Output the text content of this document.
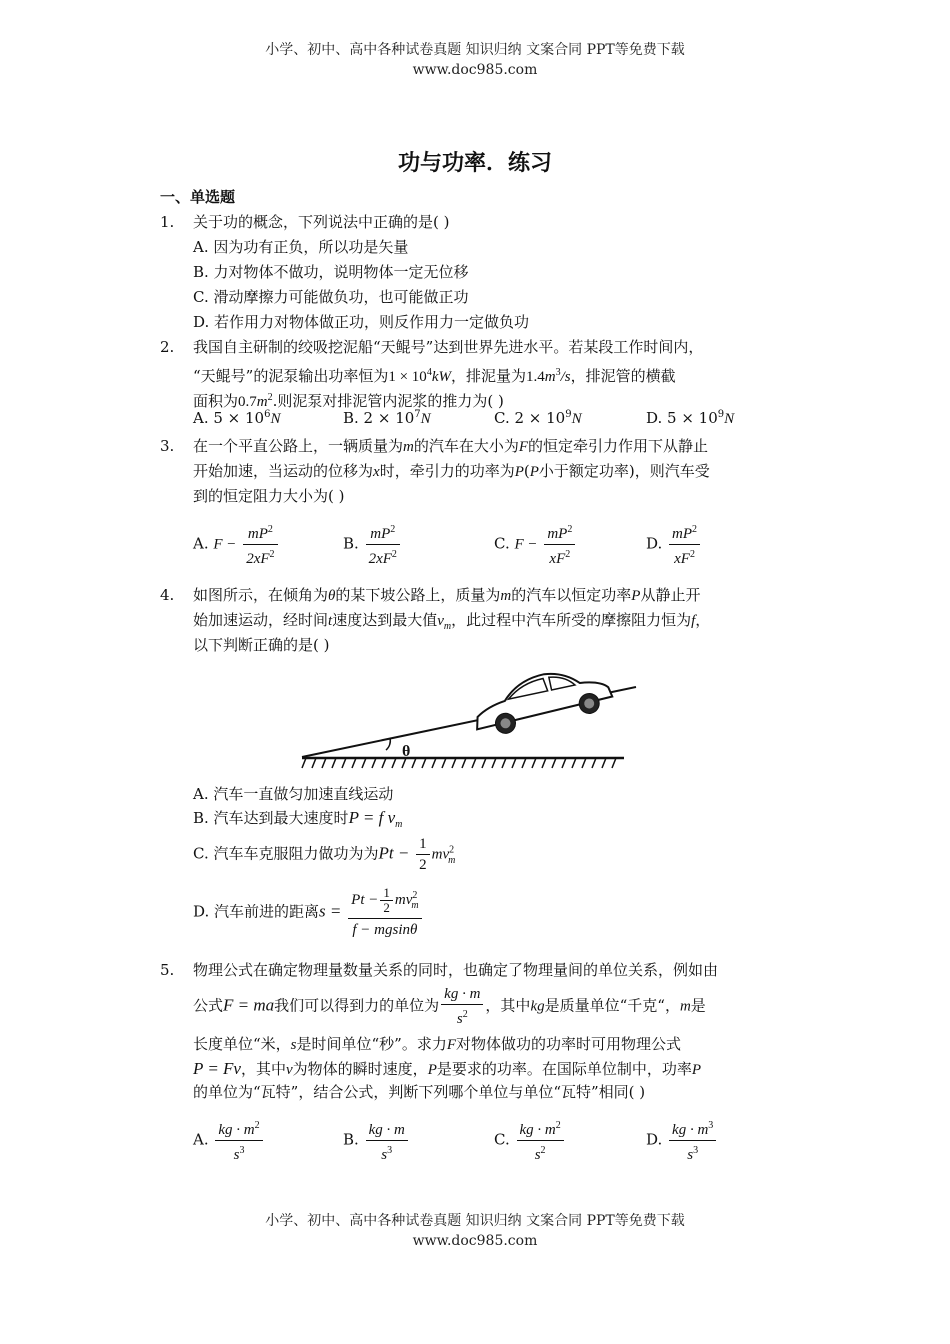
小学、初中、高中各种试卷真题 知识归纳 文案合同 PPT等免费下载
www.doc985.com
功与功率．练习
一、单选题
1. 关于功的概念，下列说法中正确的是( )
A. 因为功有正负，所以功是矢量
B. 力对物体不做功，说明物体一定无位移
C. 滑动摩擦力可能做负功，也可能做正功
D. 若作用力对物体做正功，则反作用力一定做负功
2. 我国自主研制的绞吸挖泥船“天鲲号”达到世界先进水平。若某段工作时间内，
“天鲲号”的泥泵输出功率恒为$1 \times 10^4kW$，排泥量为$1.4m^3/s$，排泥管的横截
面积为$0.7m^2$.则泥泵对排泥管内泥浆的推力为( )
A. $5 \times 10^6N$	B. $2 \times 10^7N$	C. $2 \times 10^9N$	D. $5 \times 10^9N$
3. 在一个平直公路上，一辆质量为m的汽车在大小为F的恒定牵引力作用下从静止
开始加速，当运动的位移为x时，牵引力的功率为P(P小于额定功率)，则汽车受
到的恒定阻力大小为( )
A. $F - \frac{mP^2}{2xF^2}$	B. $\frac{mP^2}{2xF^2}$	C. $F - \frac{mP^2}{xF^2}$	D. $\frac{mP^2}{xF^2}$
4. 如图所示，在倾角为θ的某下坡公路上，质量为m的汽车以恒定功率P从静止开
始加速运动，经时间t速度达到最大值$v_m$，此过程中汽车所受的摩擦阻力恒为f，
以下判断正确的是( )
θ
A. 汽车一直做匀加速直线运动
B. 汽车达到最大速度时P = f $v_m$
C. 汽车车克服阻力做功为为$Pt - \frac{1}{2} mv^2_m$
D. 汽车前进的距离$s = \frac{Pt - \frac{1}{2} mv^2_m}{f - mgsin\theta}$
5. 物理公式在确定物理量数量关系的同时，也确定了物理量间的单位关系，例如由
公式F = ma我们可以得到力的单位为 $\frac{kg \cdot m}{s^2}$ ，其中kg是质量单位“千克“，m是
长度单位“米，s是时间单位“秒”。求力F对物体做功的功率时可用物理公式
P = Fv，其中v为物体的瞬时速度，P是要求的功率。在国际单位制中，功率P
的单位为“瓦特”，结合公式，判断下列哪个单位与单位“瓦特”相同( )
A. $\frac{kg \cdot m^2}{s^3}$	B. $\frac{kg \cdot m}{s^3}$	C. $\frac{kg \cdot m^2}{s^2}$	D. $\frac{kg \cdot m^3}{s^3}$
小学、初中、高中各种试卷真题 知识归纳 文案合同 PPT等免费下载
www.doc985.com
